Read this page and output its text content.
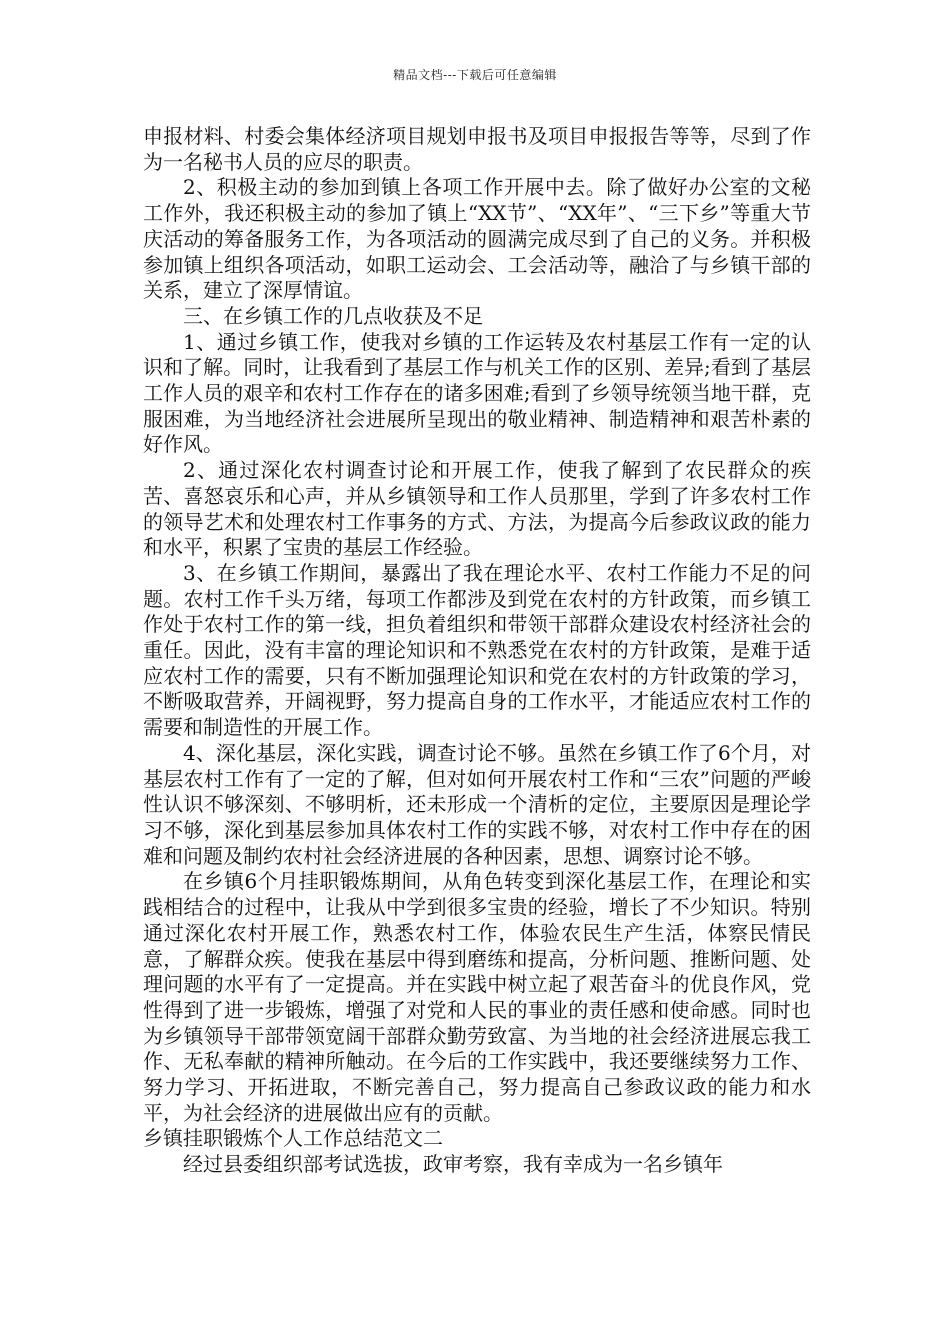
精品文档---下载后可任意编辑

申报材料、村委会集体经济项目规划申报书及项目申报报告等等，尽到了作为一名秘书人员的应尽的职责。

2、积极主动的参加到镇上各项工作开展中去。除了做好办公室的文秘工作外，我还积极主动的参加了镇上“XX节”、“XX年”、“三下乡”等重大节庆活动的筹备服务工作，为各项活动的圆满完成尽到了自己的义务。并积极参加镇上组织各项活动，如职工运动会、工会活动等，融洽了与乡镇干部的关系，建立了深厚情谊。

三、在乡镇工作的几点收获及不足

1、通过乡镇工作，使我对乡镇的工作运转及农村基层工作有一定的认识和了解。同时，让我看到了基层工作与机关工作的区别、差异;看到了基层工作人员的艰辛和农村工作存在的诸多困难;看到了乡领导统领当地干群，克服困难，为当地经济社会进展所呈现出的敬业精神、制造精神和艰苦朴素的好作风。

2、通过深化农村调查讨论和开展工作，使我了解到了农民群众的疾苦、喜怒哀乐和心声，并从乡镇领导和工作人员那里，学到了许多农村工作的领导艺术和处理农村工作事务的方式、方法，为提高今后参政议政的能力和水平，积累了宝贵的基层工作经验。

3、在乡镇工作期间，暴露出了我在理论水平、农村工作能力不足的问题。农村工作千头万绪，每项工作都涉及到党在农村的方针政策，而乡镇工作处于农村工作的第一线，担负着组织和带领干部群众建设农村经济社会的重任。因此，没有丰富的理论知识和不熟悉党在农村的方针政策，是难于适应农村工作的需要，只有不断加强理论知识和党在农村的方针政策的学习，不断吸取营养，开阔视野，努力提高自身的工作水平，才能适应农村工作的需要和制造性的开展工作。

4、深化基层，深化实践，调查讨论不够。虽然在乡镇工作了6个月，对基层农村工作有了一定的了解，但对如何开展农村工作和“三农”问题的严峻性认识不够深刻、不够明析，还未形成一个清析的定位，主要原因是理论学习不够，深化到基层参加具体农村工作的实践不够，对农村工作中存在的困难和问题及制约农村社会经济进展的各种因素，思想、调察讨论不够。

在乡镇6个月挂职锻炼期间，从角色转变到深化基层工作，在理论和实践相结合的过程中，让我从中学到很多宝贵的经验，增长了不少知识。特别通过深化农村开展工作，熟悉农村工作，体验农民生产生活，体察民情民意，了解群众疾。使我在基层中得到磨练和提高，分析问题、推断问题、处理问题的水平有了一定提高。并在实践中树立起了艰苦奋斗的优良作风，党性得到了进一步锻炼，增强了对党和人民的事业的责任感和使命感。同时也为乡镇领导干部带领宽阔干部群众勤劳致富、为当地的社会经济进展忘我工作、无私奉献的精神所触动。在今后的工作实践中，我还要继续努力工作、努力学习、开拓进取，不断完善自己，努力提高自己参政议政的能力和水平，为社会经济的进展做出应有的贡献。

乡镇挂职锻炼个人工作总结范文二

经过县委组织部考试选拔，政审考察，我有幸成为一名乡镇年
